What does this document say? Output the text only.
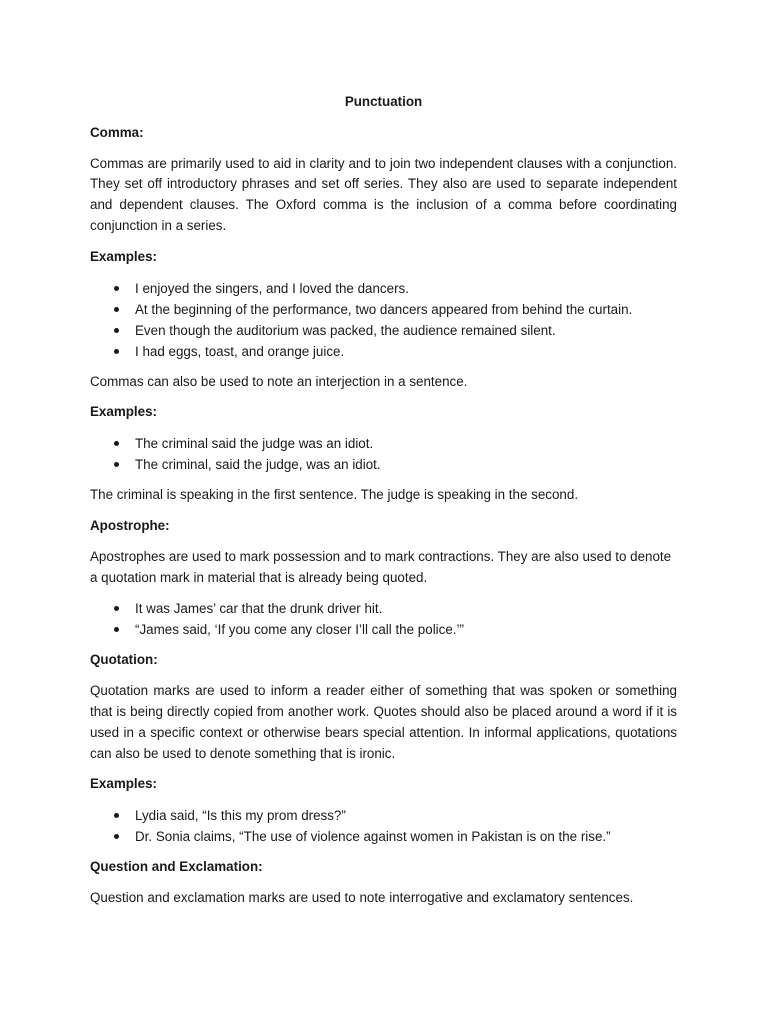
Punctuation

Comma:

Commas are primarily used to aid in clarity and to join two independent clauses with a conjunction. They set off introductory phrases and set off series. They also are used to separate independent and dependent clauses. The Oxford comma is the inclusion of a comma before coordinating conjunction in a series.

Examples:

I enjoyed the singers, and I loved the dancers.
At the beginning of the performance, two dancers appeared from behind the curtain.
Even though the auditorium was packed, the audience remained silent.
I had eggs, toast, and orange juice.

Commas can also be used to note an interjection in a sentence.

Examples:

The criminal said the judge was an idiot.
The criminal, said the judge, was an idiot.

The criminal is speaking in the first sentence. The judge is speaking in the second.

Apostrophe:

Apostrophes are used to mark possession and to mark contractions. They are also used to denote a quotation mark in material that is already being quoted.

It was James’ car that the drunk driver hit.
“James said, ‘If you come any closer I’ll call the police.’”

Quotation:

Quotation marks are used to inform a reader either of something that was spoken or something that is being directly copied from another work. Quotes should also be placed around a word if it is used in a specific context or otherwise bears special attention. In informal applications, quotations can also be used to denote something that is ironic.

Examples:

Lydia said, “Is this my prom dress?”
Dr. Sonia claims, “The use of violence against women in Pakistan is on the rise.”

Question and Exclamation:

Question and exclamation marks are used to note interrogative and exclamatory sentences.
